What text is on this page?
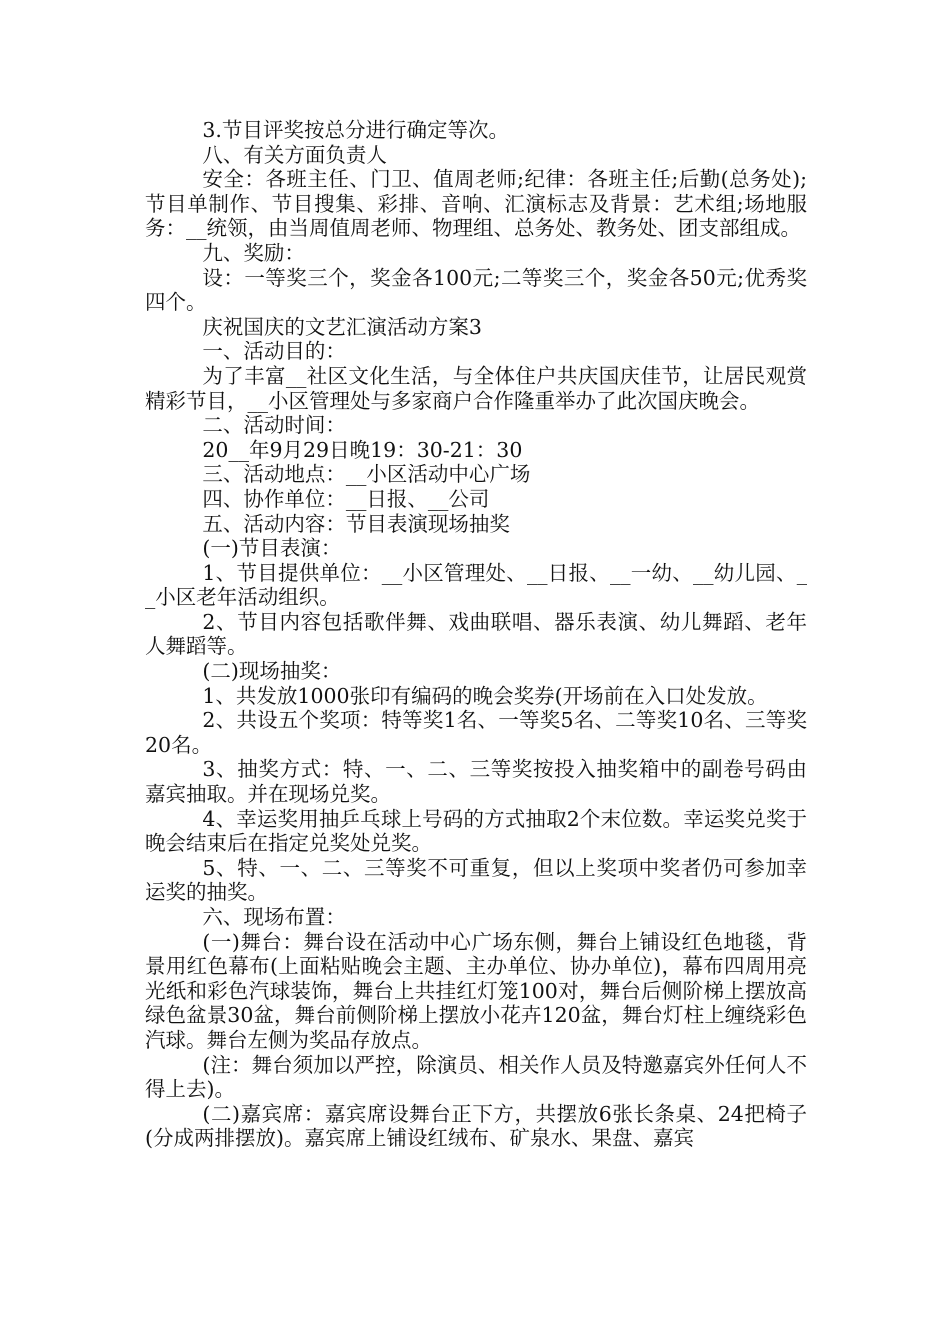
3.节目评奖按总分进行确定等次。

八、有关方面负责人

安全：各班主任、门卫、值周老师;纪律：各班主任;后勤(总务处);节目单制作、节目搜集、彩排、音响、汇演标志及背景：艺术组;场地服务：__统领，由当周值周老师、物理组、总务处、教务处、团支部组成。

九、奖励：

设：一等奖三个，奖金各100元;二等奖三个，奖金各50元;优秀奖四个。

庆祝国庆的文艺汇演活动方案3

一、活动目的：

为了丰富__社区文化生活，与全体住户共庆国庆佳节，让居民观赏精彩节目，__小区管理处与多家商户合作隆重举办了此次国庆晚会。

二、活动时间：

20__年9月29日晚19：30-21：30

三、活动地点：__小区活动中心广场

四、协作单位：__日报、__公司

五、活动内容：节目表演现场抽奖

(一)节目表演：

1、节目提供单位：__小区管理处、__日报、__一幼、__幼儿园、__小区老年活动组织。

2、节目内容包括歌伴舞、戏曲联唱、器乐表演、幼儿舞蹈、老年人舞蹈等。

(二)现场抽奖：

1、共发放1000张印有编码的晚会奖券(开场前在入口处发放。

2、共设五个奖项：特等奖1名、一等奖5名、二等奖10名、三等奖20名。

3、抽奖方式：特、一、二、三等奖按投入抽奖箱中的副卷号码由嘉宾抽取。并在现场兑奖。

4、幸运奖用抽乒乓球上号码的方式抽取2个末位数。幸运奖兑奖于晚会结束后在指定兑奖处兑奖。

5、特、一、二、三等奖不可重复，但以上奖项中奖者仍可参加幸运奖的抽奖。

六、现场布置：

(一)舞台：舞台设在活动中心广场东侧，舞台上铺设红色地毯，背景用红色幕布(上面粘贴晚会主题、主办单位、协办单位)，幕布四周用亮光纸和彩色汽球装饰，舞台上共挂红灯笼100对，舞台后侧阶梯上摆放高绿色盆景30盆，舞台前侧阶梯上摆放小花卉120盆，舞台灯柱上缠绕彩色汽球。舞台左侧为奖品存放点。

(注：舞台须加以严控，除演员、相关作人员及特邀嘉宾外任何人不得上去)。

(二)嘉宾席：嘉宾席设舞台正下方，共摆放6张长条桌、24把椅子(分成两排摆放)。嘉宾席上铺设红绒布、矿泉水、果盘、嘉宾
